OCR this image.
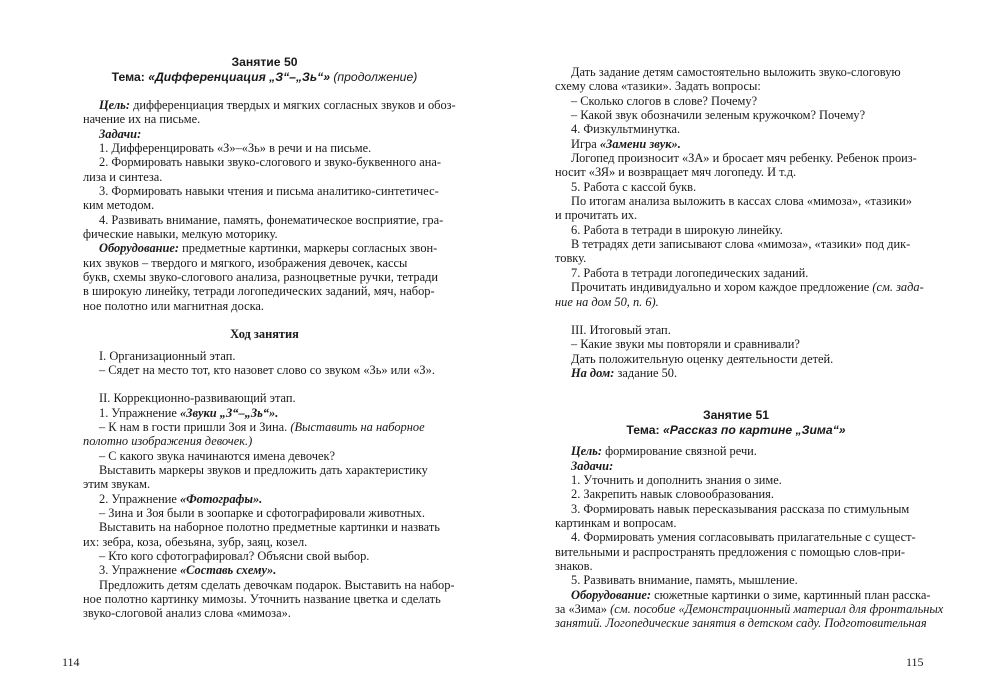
Занятие 50
Тема: «Дифференциация „З“–„Зь“» (продолжение)

Цель: дифференциация твердых и мягких согласных звуков и обоз-

начение их на письме.

Задачи:

1. Дифференцировать «З»–«Зь» в речи и на письме.

2. Формировать навыки звуко-слогового и звуко-буквенного ана-

лиза и синтеза.

3. Формировать навыки чтения и письма аналитико-синтетичес-

ким методом.

4. Развивать внимание, память, фонематическое восприятие, гра-

фические навыки, мелкую моторику.

Оборудование: предметные картинки, маркеры согласных звон-

ких звуков – твердого и мягкого, изображения девочек, кассы

букв, схемы звуко-слогового анализа, разноцветные ручки, тетради

в широкую линейку, тетради логопедических заданий, мяч, набор-

ное полотно или магнитная доска.

Ход занятия

I. Организационный этап.

– Сядет на место тот, кто назовет слово со звуком «Зь» или «З».

II. Коррекционно-развивающий этап.

1. Упражнение «Звуки „З“–„Зь“».

– К нам в гости пришли Зоя и Зина. (Выставить на наборное

полотно изображения девочек.)

– С какого звука начинаются имена девочек?

Выставить маркеры звуков и предложить дать характеристику

этим звукам.

2. Упражнение «Фотографы».

– Зина и Зоя были в зоопарке и сфотографировали животных.

Выставить на наборное полотно предметные картинки и назвать

их: зебра, коза, обезьяна, зубр, заяц, козел.

– Кто кого сфотографировал? Объясни свой выбор.

3. Упражнение «Составь схему».

Предложить детям сделать девочкам подарок. Выставить на набор-

ное полотно картинку мимозы. Уточнить название цветка и сделать

звуко-слоговой анализ слова «мимоза».

114

Дать задание детям самостоятельно выложить звуко-слоговую

схему слова «тазики». Задать вопросы:

– Сколько слогов в слове? Почему?

– Какой звук обозначили зеленым кружочком? Почему?

4. Физкультминутка.

Игра «Замени звук».

Логопед произносит «ЗА» и бросает мяч ребенку. Ребенок произ-

носит «ЗЯ» и возвращает мяч логопеду. И т.д.

5. Работа с кассой букв.

По итогам анализа выложить в кассах слова «мимоза», «тазики»

и прочитать их.

6. Работа в тетради в широкую линейку.

В тетрадях дети записывают слова «мимоза», «тазики» под дик-

товку.

7. Работа в тетради логопедических заданий.

Прочитать индивидуально и хором каждое предложение (см. зада-

ние на дом 50, п. 6).

III. Итоговый этап.

– Какие звуки мы повторяли и сравнивали?

Дать положительную оценку деятельности детей.

На дом: задание 50.

Занятие 51
Тема: «Рассказ по картине „Зима“»

Цель: формирование связной речи.

Задачи:

1. Уточнить и дополнить знания о зиме.

2. Закрепить навык словообразования.

3. Формировать навык пересказывания рассказа по стимульным

картинкам и вопросам.

4. Формировать умения согласовывать прилагательные с сущест-

вительными и распространять предложения с помощью слов-при-

знаков.

5. Развивать внимание, память, мышление.

Оборудование: сюжетные картинки о зиме, картинный план расска-

за «Зима» (см. пособие «Демонстрационный материал для фронтальных

занятий. Логопедические занятия в детском саду. Подготовительная

115
